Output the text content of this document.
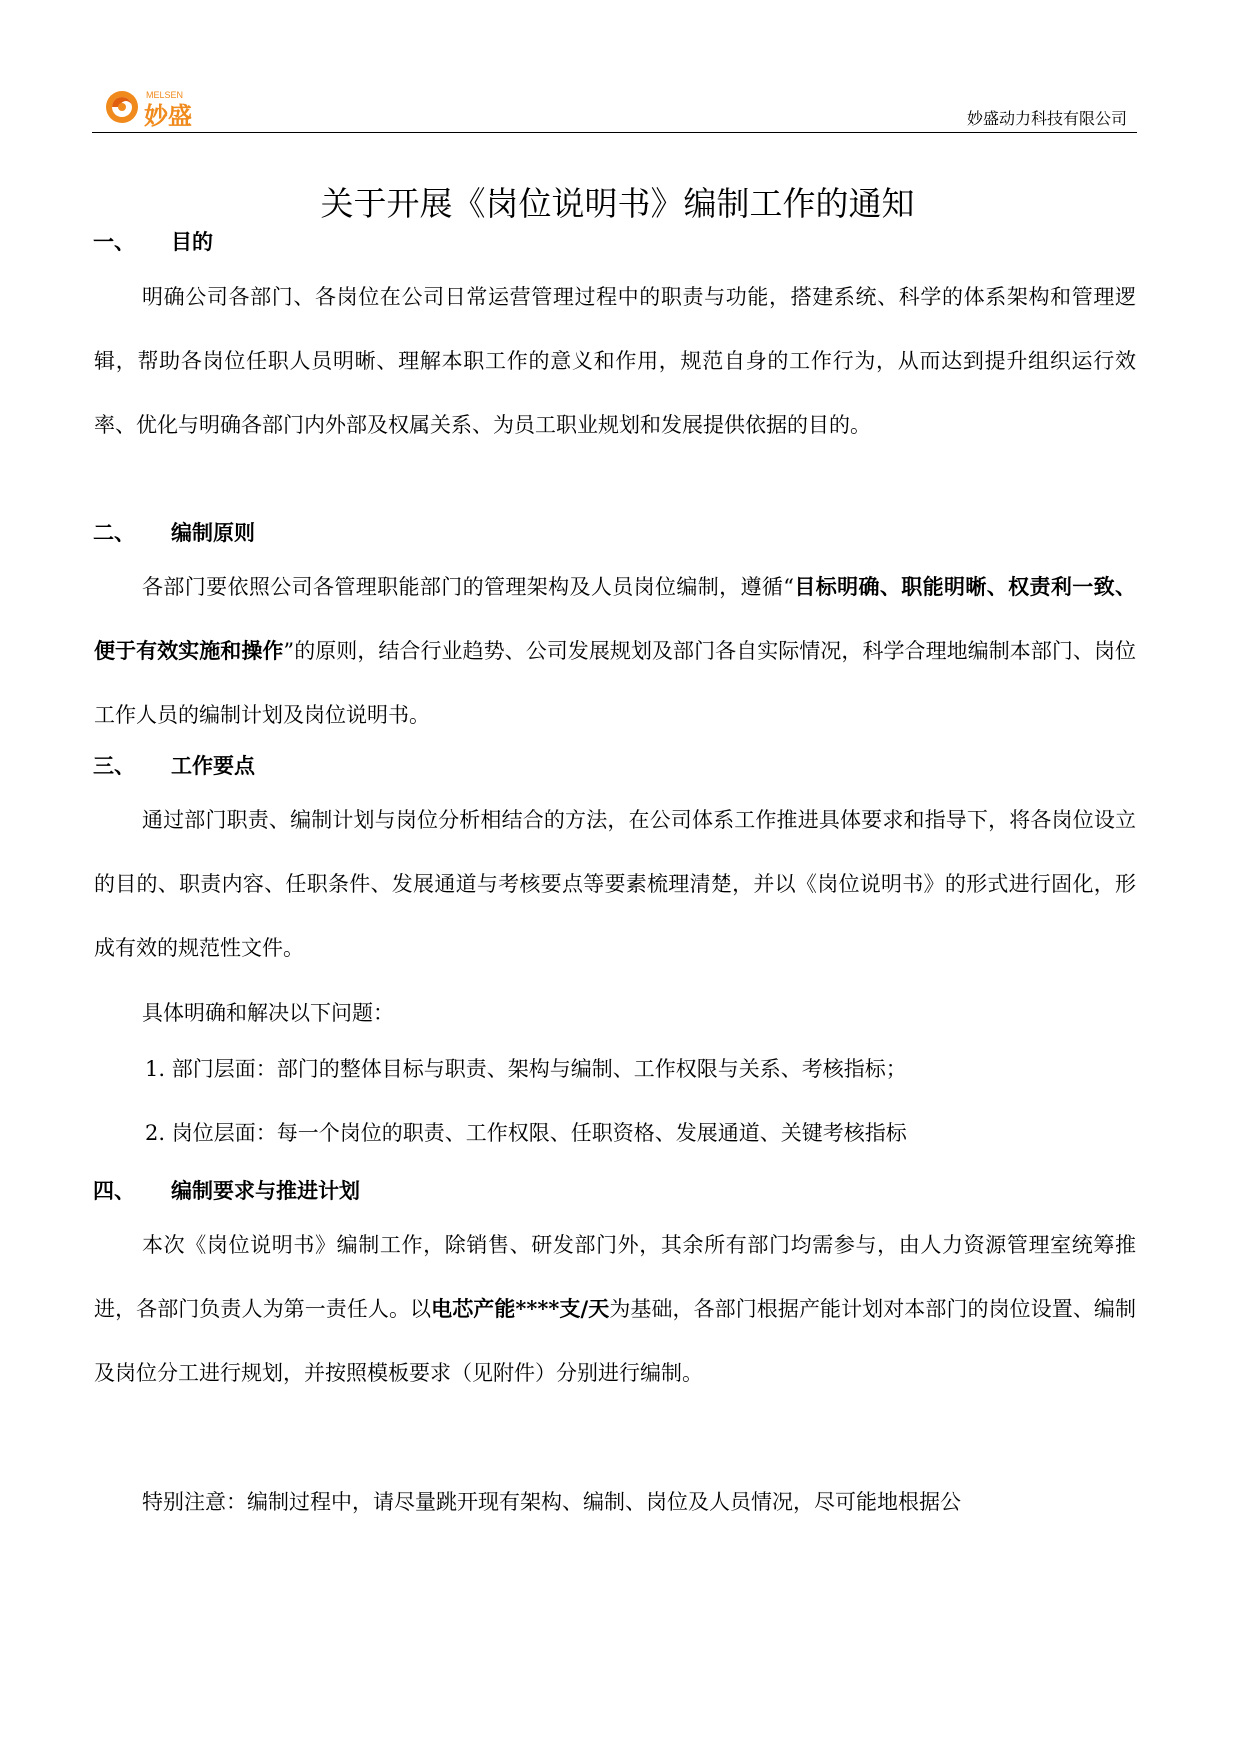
MELSEN
妙盛	妙盛动力科技有限公司
关于开展《岗位说明书》编制工作的通知
一、 目的

明确公司各部门、各岗位在公司日常运营管理过程中的职责与功能，搭建系统、科学的体系架构和管理逻辑，帮助各岗位任职人员明晰、理解本职工作的意义和作用，规范自身的工作行为，从而达到提升组织运行效率、优化与明确各部门内外部及权属关系、为员工职业规划和发展提供依据的目的。

二、 编制原则

各部门要依照公司各管理职能部门的管理架构及人员岗位编制，遵循“目标明确、职能明晰、权责利一致、便于有效实施和操作”的原则，结合行业趋势、公司发展规划及部门各自实际情况，科学合理地编制本部门、岗位工作人员的编制计划及岗位说明书。

三、 工作要点

通过部门职责、编制计划与岗位分析相结合的方法，在公司体系工作推进具体要求和指导下，将各岗位设立的目的、职责内容、任职条件、发展通道与考核要点等要素梳理清楚，并以《岗位说明书》的形式进行固化，形成有效的规范性文件。

具体明确和解决以下问题：

1. 部门层面：部门的整体目标与职责、架构与编制、工作权限与关系、考核指标；
2. 岗位层面：每一个岗位的职责、工作权限、任职资格、发展通道、关键考核指标
四、 编制要求与推进计划

本次《岗位说明书》编制工作，除销售、研发部门外，其余所有部门均需参与，由人力资源管理室统筹推进，各部门负责人为第一责任人。以电芯产能****支/天为基础，各部门根据产能计划对本部门的岗位设置、编制及岗位分工进行规划，并按照模板要求（见附件）分别进行编制。

特别注意：编制过程中，请尽量跳开现有架构、编制、岗位及人员情况，尽可能地根据公
